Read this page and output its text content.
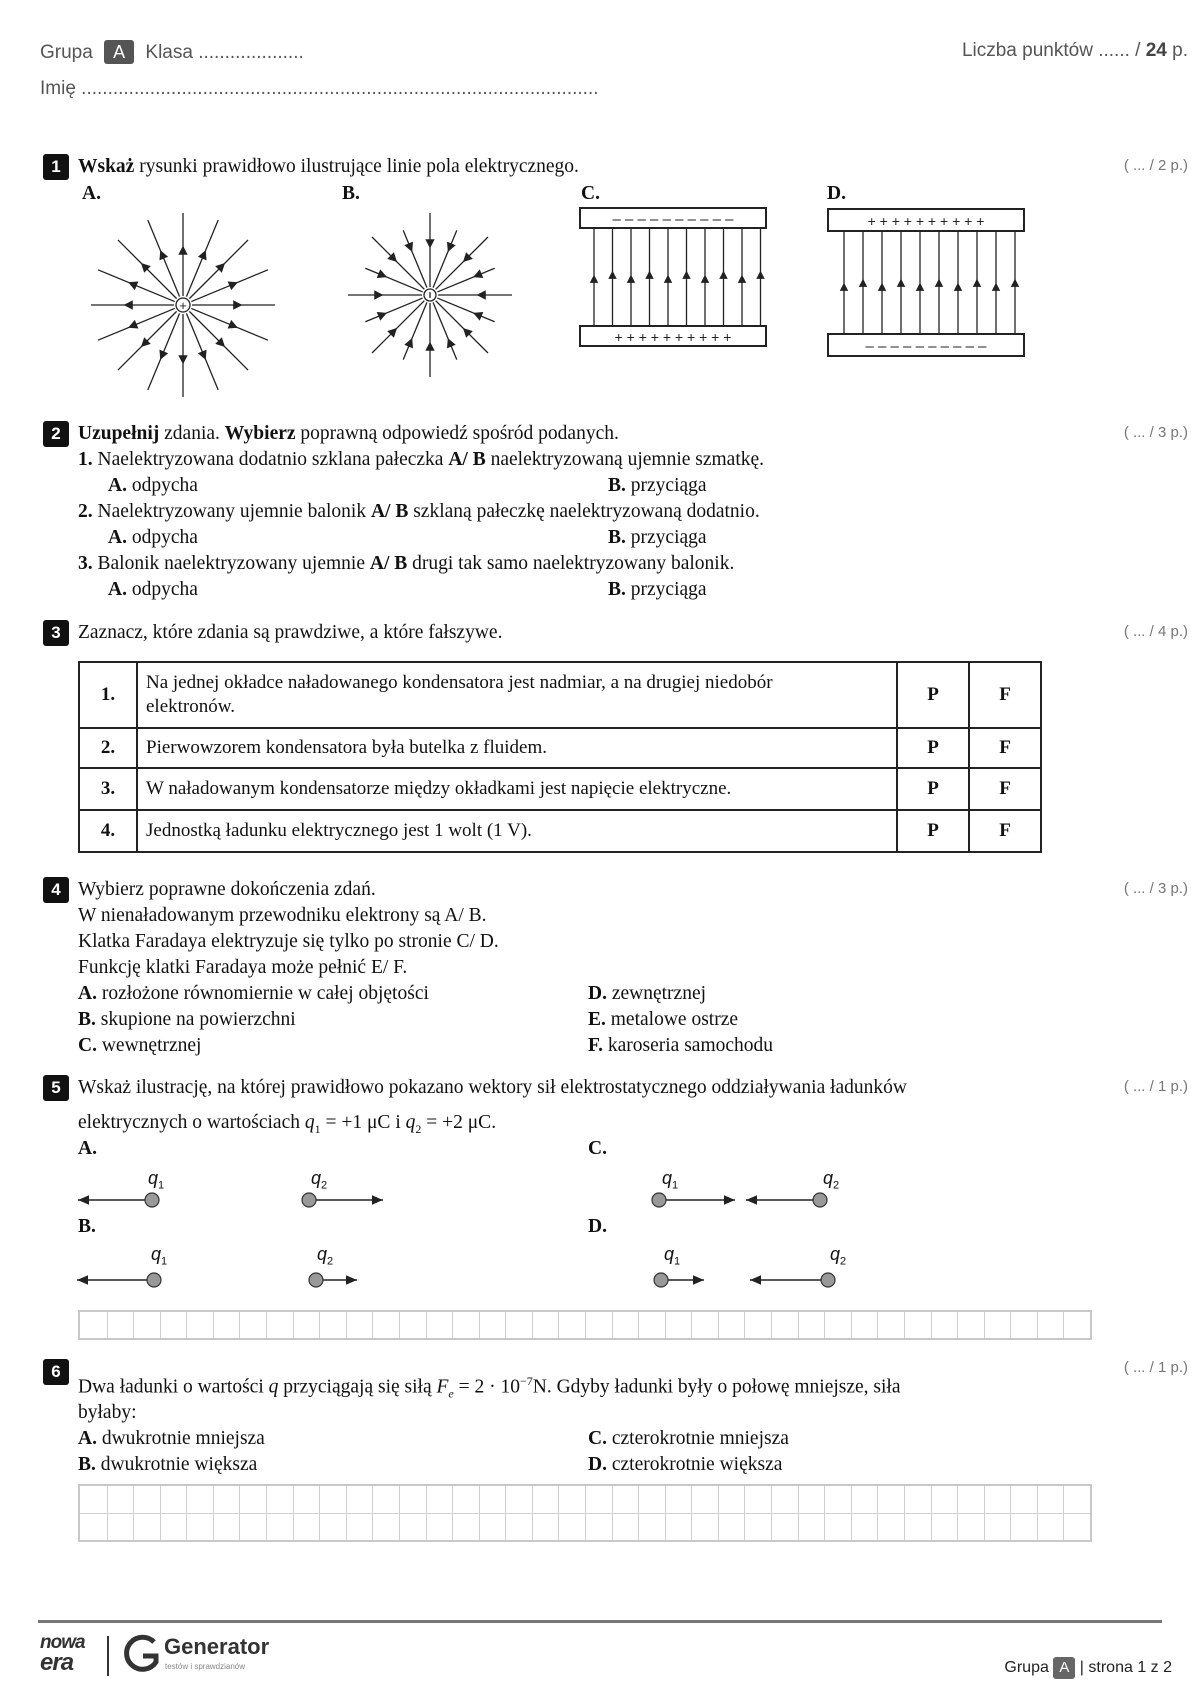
Grupa A Klasa ....................
Imię ..................................................................................................
Liczba punktów ...... / 24 p.
1 Wskaż rysunki prawidłowo ilustrujące linie pola elektrycznego.	( ... / 2 p.)
A.	B.	C.	D.
+
– – – – – – – – – –
+ + + + + + + + + +
+ + + + + + + + + +
– – – – – – – – – –
2 Uzupełnij zdania. Wybierz poprawną odpowiedź spośród podanych.	( ... / 3 p.)
1. Naelektryzowana dodatnio szklana pałeczka A/ B naelektryzowaną ujemnie szmatkę.
A. odpycha	B. przyciąga
2. Naelektryzowany ujemnie balonik A/ B szklaną pałeczkę naelektryzowaną dodatnio.
A. odpycha	B. przyciąga
3. Balonik naelektryzowany ujemnie A/ B drugi tak samo naelektryzowany balonik.
A. odpycha	B. przyciąga
3 Zaznacz, które zdania są prawdziwe, a które fałszywe.	( ... / 4 p.)
1.	Na jednej okładce naładowanego kondensatora jest nadmiar, a na drugiej niedobór elektronów.	P	F
2.	Pierwowzorem kondensatora była butelka z fluidem.	P	F
3.	W naładowanym kondensatorze między okładkami jest napięcie elektryczne.	P	F
4.	Jednostką ładunku elektrycznego jest 1 wolt (1 V).	P	F
4 Wybierz poprawne dokończenia zdań.	( ... / 3 p.)
W nienaładowanym przewodniku elektrony są A/ B.
Klatka Faradaya elektryzuje się tylko po stronie C/ D.
Funkcję klatki Faradaya może pełnić E/ F.
A. rozłożone równomiernie w całej objętości
B. skupione na powierzchni
C. wewnętrznej
D. zewnętrznej
E. metalowe ostrze
F. karoseria samochodu
5 Wskaż ilustrację, na której prawidłowo pokazano wektory sił elektrostatycznego oddziaływania ładunków	( ... / 1 p.)
elektrycznych o wartościach $q_1 = +1$ μC i $q_2 = +2$ μC.
A.	C.
B.	D.
$q_1$	$q_2$	$q_1$	$q_2$
$q_1$	$q_2$	$q_1$	$q_2$
6
Dwa ładunki o wartości q przyciągają się siłą $F_e = 2 \cdot 10^{-7}N$. Gdyby ładunki były o połowę mniejsze, siła
( ... / 1 p.)
byłaby:
A. dwukrotnie mniejsza
B. dwukrotnie większa
C. czterokrotnie mniejsza
D. czterokrotnie większa
nowa
era
Generator
testów i sprawdzianów	Grupa A | strona 1 z 2
